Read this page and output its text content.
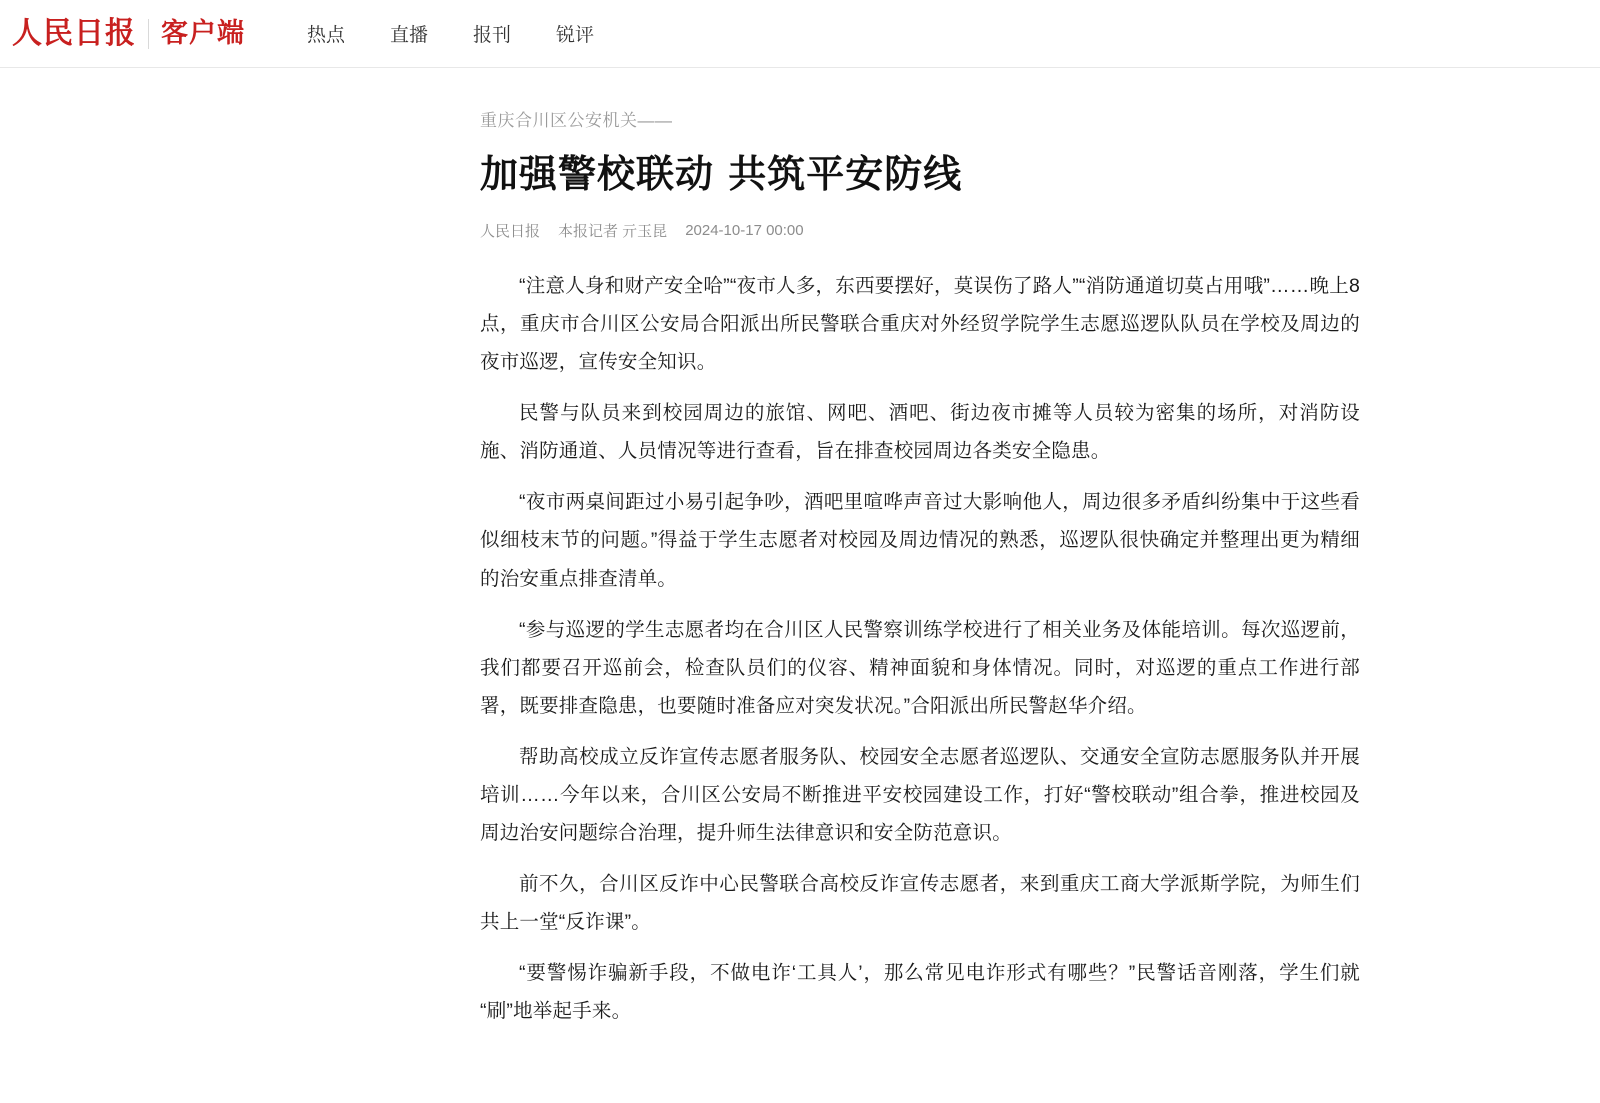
人民日报 客户端	热点 直播 报刊 锐评
重庆合川区公安机关——
加强警校联动 共筑平安防线
人民日报 本报记者 亓玉昆 2024-10-17 00:00

“注意人身和财产安全哈”“夜市人多，东西要摆好，莫误伤了路人”“消防通道切莫占用哦”……晚上8点，重庆市合川区公安局合阳派出所民警联合重庆对外经贸学院学生志愿巡逻队队员在学校及周边的夜市巡逻，宣传安全知识。

民警与队员来到校园周边的旅馆、网吧、酒吧、街边夜市摊等人员较为密集的场所，对消防设施、消防通道、人员情况等进行查看，旨在排查校园周边各类安全隐患。

“夜市两桌间距过小易引起争吵，酒吧里喧哗声音过大影响他人，周边很多矛盾纠纷集中于这些看似细枝末节的问题。”得益于学生志愿者对校园及周边情况的熟悉，巡逻队很快确定并整理出更为精细的治安重点排查清单。

“参与巡逻的学生志愿者均在合川区人民警察训练学校进行了相关业务及体能培训。每次巡逻前，我们都要召开巡前会，检查队员们的仪容、精神面貌和身体情况。同时，对巡逻的重点工作进行部署，既要排查隐患，也要随时准备应对突发状况。”合阳派出所民警赵华介绍。

帮助高校成立反诈宣传志愿者服务队、校园安全志愿者巡逻队、交通安全宣防志愿服务队并开展培训……今年以来，合川区公安局不断推进平安校园建设工作，打好“警校联动”组合拳，推进校园及周边治安问题综合治理，提升师生法律意识和安全防范意识。

前不久，合川区反诈中心民警联合高校反诈宣传志愿者，来到重庆工商大学派斯学院，为师生们共上一堂“反诈课”。

“要警惕诈骗新手段，不做电诈‘工具人’，那么常见电诈形式有哪些？”民警话音刚落，学生们就“刷”地举起手来。
